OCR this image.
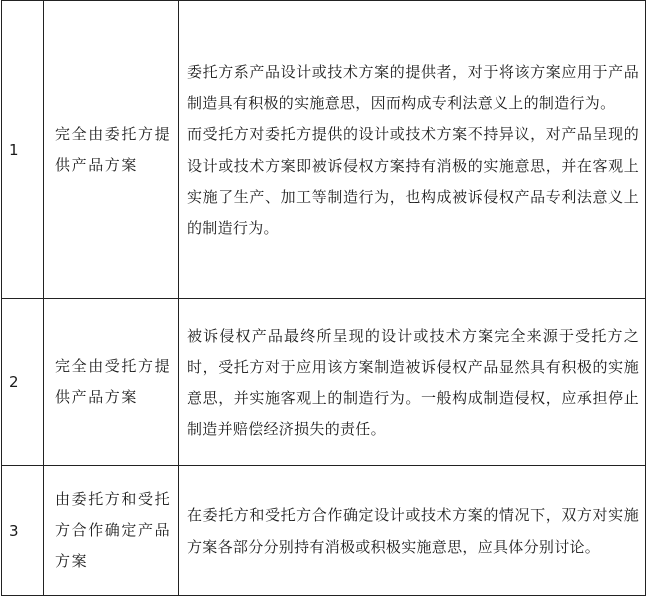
1	完全由委托方提供产品方案	委托方系产品设计或技术方案的提供者，对于将该方案应用于产品制造具有积极的实施意思，因而构成专利法意义上的制造行为。

而受托方对委托方提供的设计或技术方案不持异议，对产品呈现的设计或技术方案即被诉侵权方案持有消极的实施意思，并在客观上实施了生产、加工等制造行为，也构成被诉侵权产品专利法意义上的制造行为。

2	完全由受托方提供产品方案	被诉侵权产品最终所呈现的设计或技术方案完全来源于受托方之时，受托方对于应用该方案制造被诉侵权产品显然具有积极的实施意思，并实施客观上的制造行为。一般构成制造侵权，应承担停止制造并赔偿经济损失的责任。

3	由委托方和受托方合作确定产品方案	在委托方和受托方合作确定设计或技术方案的情况下，双方对实施方案各部分分别持有消极或积极实施意思，应具体分别讨论。
